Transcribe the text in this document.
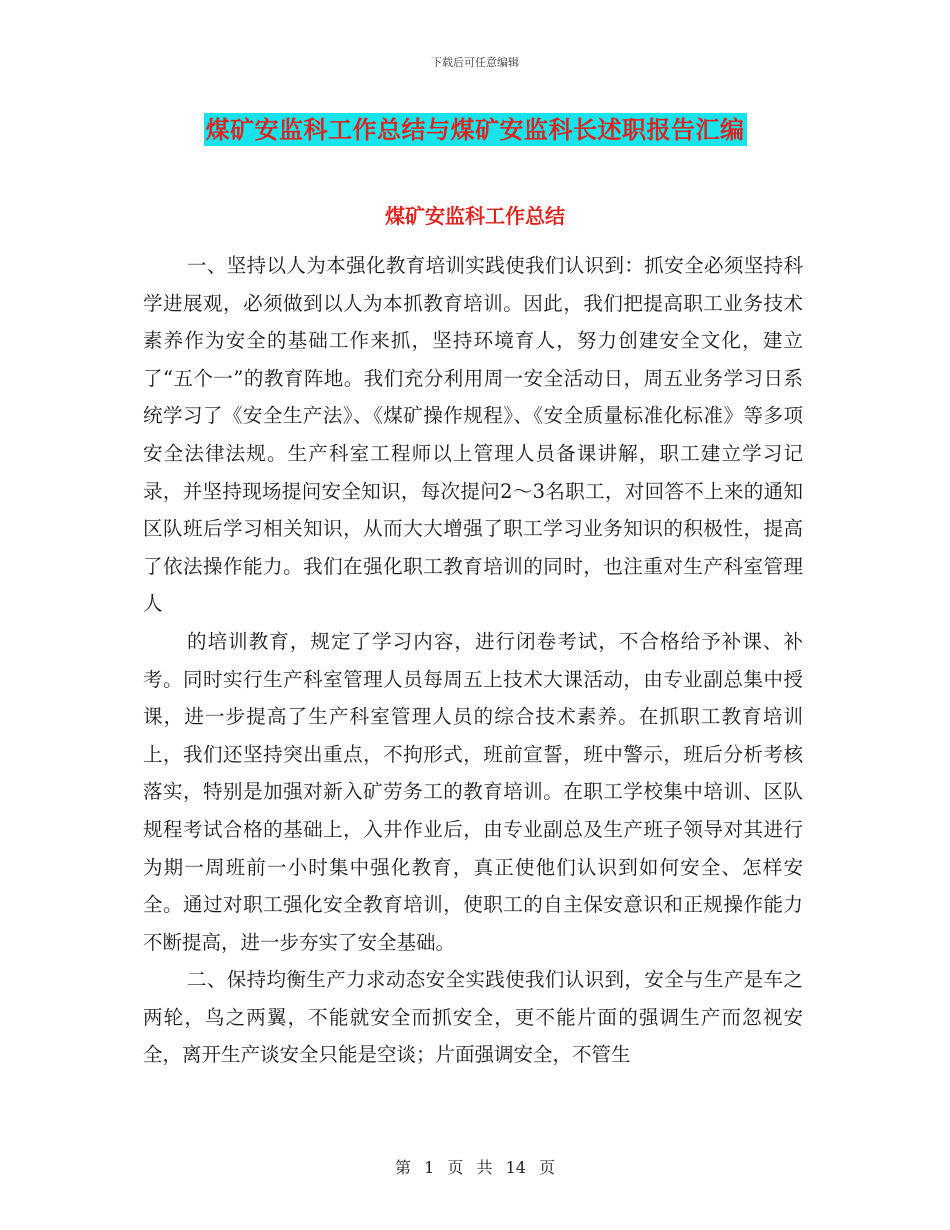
下载后可任意编辑
煤矿安监科工作总结与煤矿安监科长述职报告汇编
煤矿安监科工作总结

一、坚持以人为本强化教育培训实践使我们认识到：抓安全必须坚持科学进展观，必须做到以人为本抓教育培训。因此，我们把提高职工业务技术素养作为安全的基础工作来抓，坚持环境育人，努力创建安全文化，建立了“五个一”的教育阵地。我们充分利用周一安全活动日，周五业务学习日系统学习了《安全生产法》、《煤矿操作规程》、《安全质量标准化标准》等多项安全法律法规。生产科室工程师以上管理人员备课讲解，职工建立学习记录，并坚持现场提问安全知识，每次提问2～3名职工，对回答不上来的通知区队班后学习相关知识，从而大大增强了职工学习业务知识的积极性，提高了依法操作能力。我们在强化职工教育培训的同时，也注重对生产科室管理人

的培训教育，规定了学习内容，进行闭卷考试，不合格给予补课、补考。同时实行生产科室管理人员每周五上技术大课活动，由专业副总集中授课，进一步提高了生产科室管理人员的综合技术素养。在抓职工教育培训上，我们还坚持突出重点，不拘形式，班前宣誓，班中警示，班后分析考核落实，特别是加强对新入矿劳务工的教育培训。在职工学校集中培训、区队规程考试合格的基础上，入井作业后，由专业副总及生产班子领导对其进行为期一周班前一小时集中强化教育，真正使他们认识到如何安全、怎样安全。通过对职工强化安全教育培训，使职工的自主保安意识和正规操作能力不断提高，进一步夯实了安全基础。

二、保持均衡生产力求动态安全实践使我们认识到，安全与生产是车之两轮，鸟之两翼，不能就安全而抓安全，更不能片面的强调生产而忽视安全，离开生产谈安全只能是空谈；片面强调安全，不管生

第 1 页 共 14 页
